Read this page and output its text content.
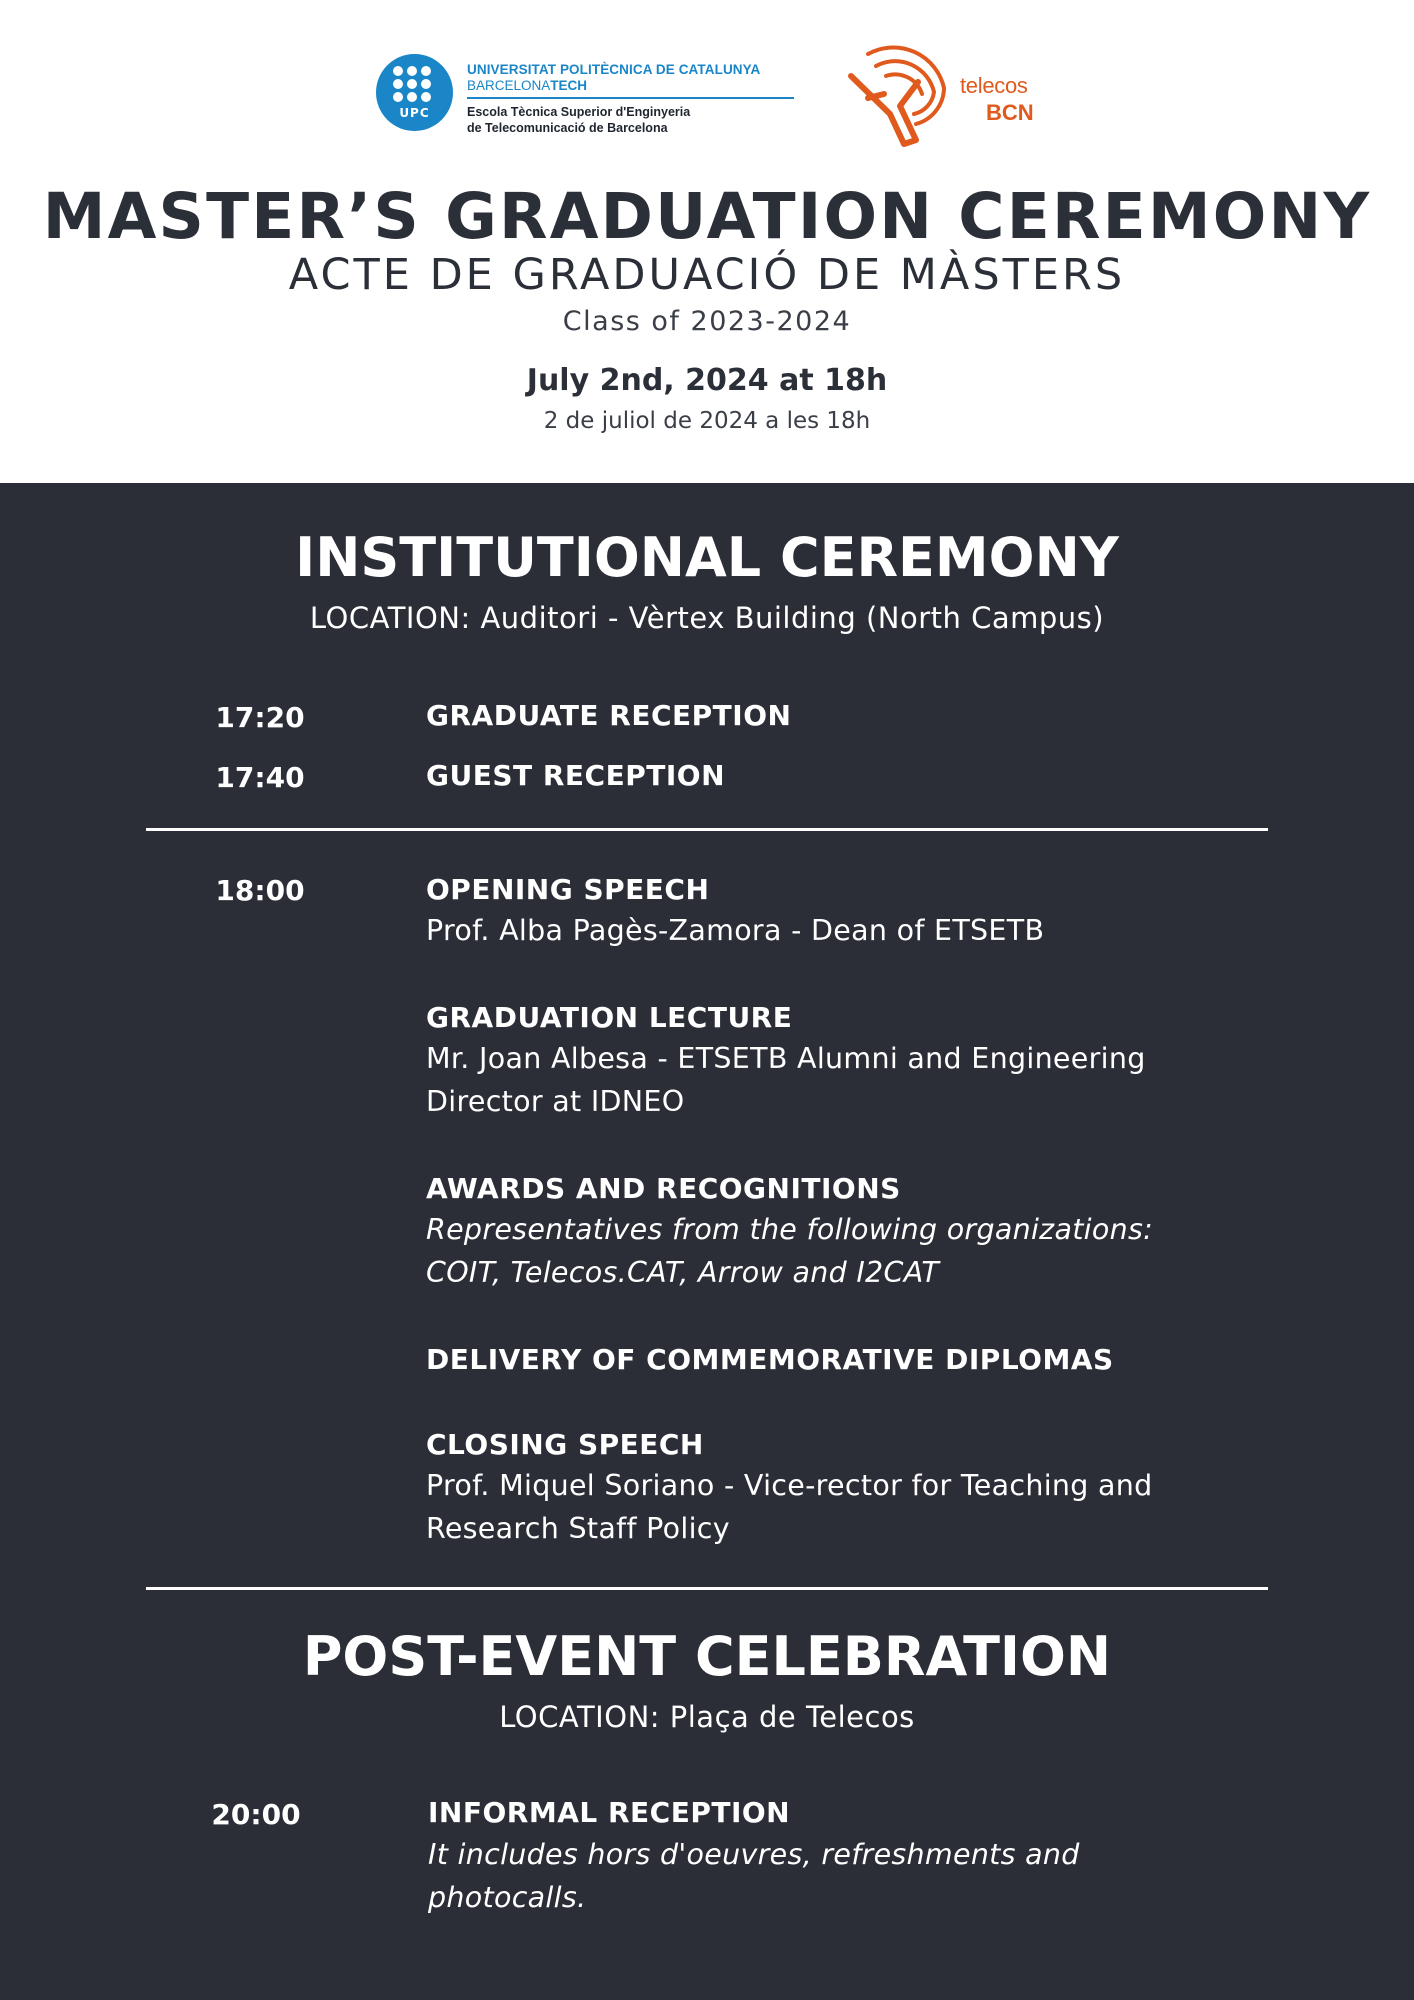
UPC
UNIVERSITAT POLITÈCNICA DE CATALUNYA
BARCELONATECH
Escola Tècnica Superior d'Enginyeria
de Telecomunicació de Barcelona
telecos
BCN
MASTER’S GRADUATION CEREMONY
ACTE DE GRADUACIÓ DE MÀSTERS
Class of 2023-2024
July 2nd, 2024 at 18h
2 de juliol de 2024 a les 18h
INSTITUTIONAL CEREMONY
LOCATION: Auditori - Vèrtex Building (North Campus)
17:20	GRADUATE RECEPTION
17:40	GUEST RECEPTION
18:00	OPENING SPEECH
Prof. Alba Pagès-Zamora - Dean of ETSETB
GRADUATION LECTURE
Mr. Joan Albesa - ETSETB Alumni and Engineering
Director at IDNEO
AWARDS AND RECOGNITIONS
Representatives from the following organizations:
COIT, Telecos.CAT, Arrow and I2CAT
DELIVERY OF COMMEMORATIVE DIPLOMAS
CLOSING SPEECH
Prof. Miquel Soriano - Vice-rector for Teaching and
Research Staff Policy
POST-EVENT CELEBRATION
LOCATION: Plaça de Telecos
20:00	INFORMAL RECEPTION
It includes hors d'oeuvres, refreshments and
photocalls.
